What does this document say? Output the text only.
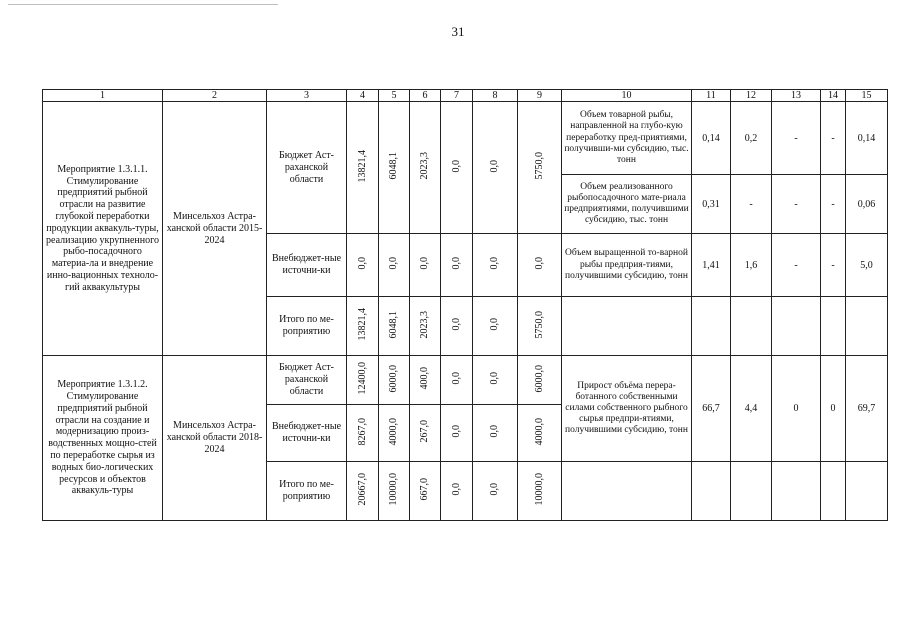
31
1	2	3	4	5	6	7	8	9	10	11	12	13	14	15
Мероприятие 1.3.1.1. Стимулирование предприятий рыбной отрасли на развитие глубокой переработки продукции аквакуль-туры, реализацию укрупненного рыбо-посадочного материа-ла и внедрение инно-вационных техноло-гий аквакультуры	Минсельхоз Астра-ханской области 2015-2024	Бюджет Аст-раханской области	13821,4	6048,1	2023,3	0,0	0,0	5750,0	Объем товарной рыбы, направленной на глубо-кую переработку пред-приятиями, получивши-ми субсидию, тыс. тонн	0,14	0,2	-	-	0,14
									Объем реализованного рыбопосадочного мате-риала предприятиями, получившими субсидию, тыс. тонн	0,31	-	-	-	0,06
		Внебюджет-ные источни-ки	0,0	0,0	0,0	0,0	0,0	0,0	Объем выращенной то-варной рыбы предприя-тиями, получившими субсидию, тонн	1,41	1,6	-	-	5,0
		Итого по ме-роприятию	13821,4	6048,1	2023,3	0,0	0,0	5750,0						
Мероприятие 1.3.1.2. Стимулирование предприятий рыбной отрасли на создание и модернизацию произ-водственных мощно-стей по переработке сырья из водных био-логических ресурсов и объектов аквакуль-туры	Минсельхоз Астра-ханской области 2018-2024	Бюджет Аст-раханской области	12400,0	6000,0	400,0	0,0	0,0	6000,0	Прирост объёма перера-ботанного собственными силами собственного рыбного сырья предпри-ятиями, получившими субсидию, тонн	66,7	4,4	0	0	69,7
		Внебюджет-ные источни-ки	8267,0	4000,0	267,0	0,0	0,0	4000,0						
		Итого по ме-роприятию	20667,0	10000,0	667,0	0,0	0,0	10000,0						
